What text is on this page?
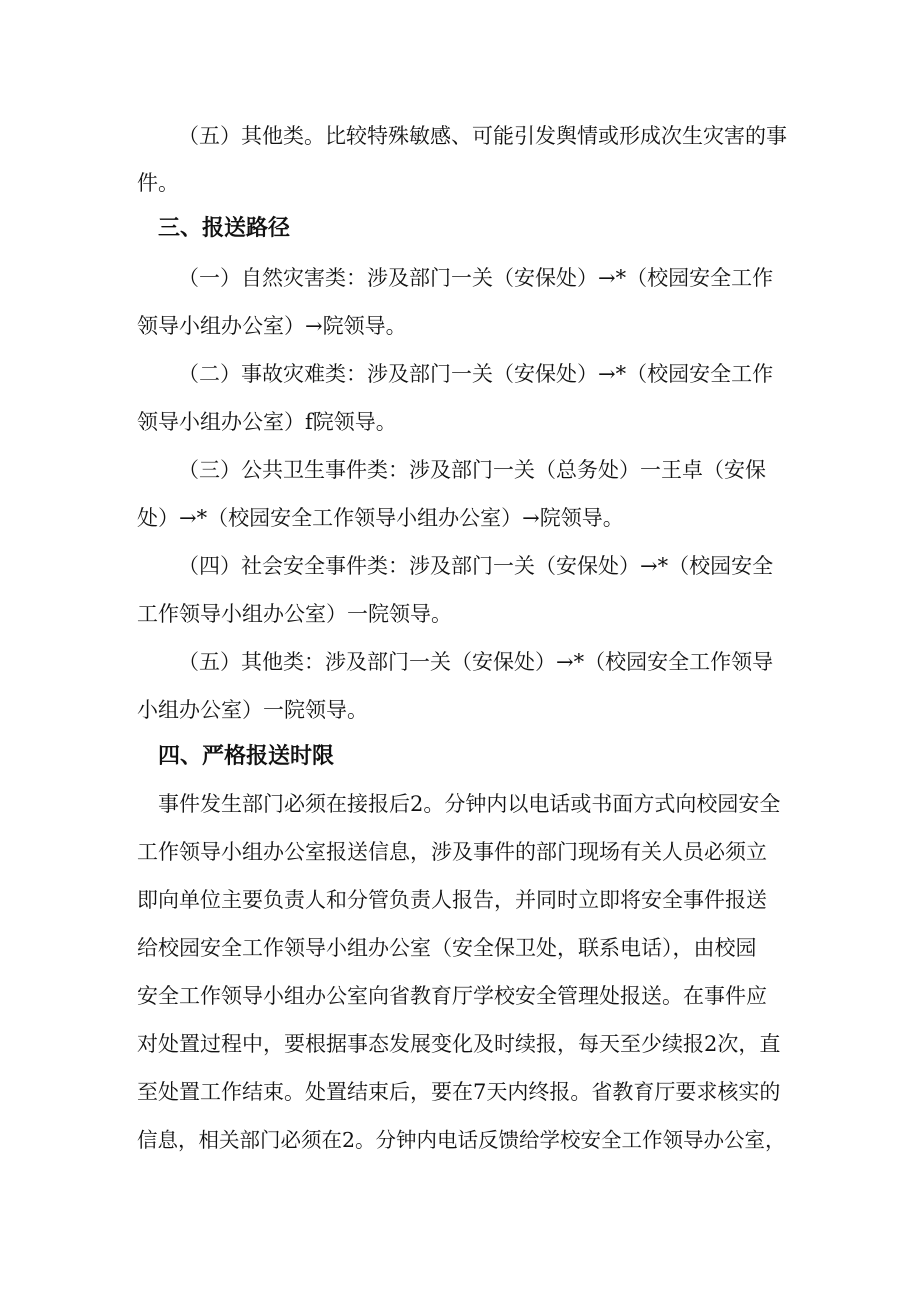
（五）其他类。比较特殊敏感、可能引发舆情或形成次生灾害的事
件。
三、报送路径
（一）自然灾害类：涉及部门一关（安保处）→*（校园安全工作
领导小组办公室）→院领导。
（二）事故灾难类：涉及部门一关（安保处）→*（校园安全工作
领导小组办公室）f院领导。
（三）公共卫生事件类：涉及部门一关（总务处）一王卓（安保
处）→*（校园安全工作领导小组办公室）→院领导。
（四）社会安全事件类：涉及部门一关（安保处）→*（校园安全
工作领导小组办公室）一院领导。
（五）其他类：涉及部门一关（安保处）→*（校园安全工作领导
小组办公室）一院领导。
四、严格报送时限
事件发生部门必须在接报后2。分钟内以电话或书面方式向校园安全
工作领导小组办公室报送信息，涉及事件的部门现场有关人员必须立
即向单位主要负责人和分管负责人报告，并同时立即将安全事件报送
给校园安全工作领导小组办公室（安全保卫处，联系电话），由校园
安全工作领导小组办公室向省教育厅学校安全管理处报送。在事件应
对处置过程中，要根据事态发展变化及时续报，每天至少续报2次，直
至处置工作结束。处置结束后，要在7天内终报。省教育厅要求核实的
信息，相关部门必须在2。分钟内电话反馈给学校安全工作领导办公室，
